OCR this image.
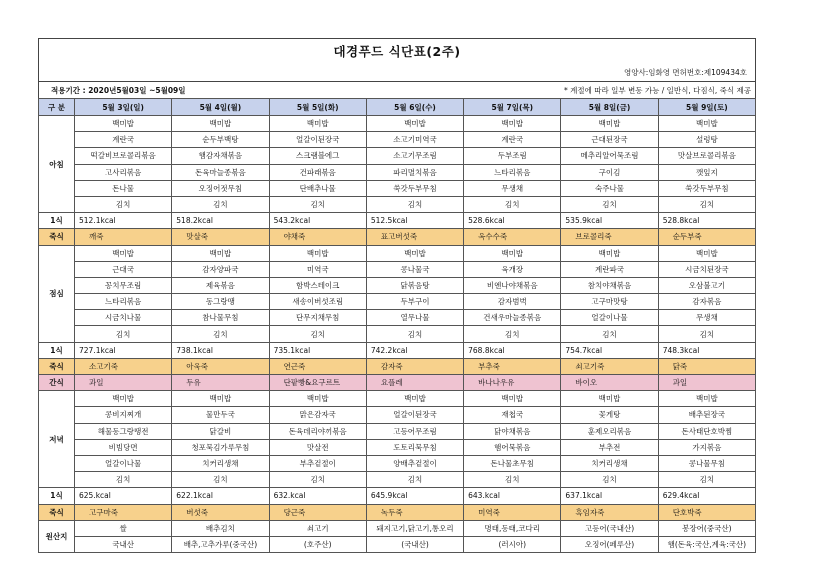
대경푸드 식단표(2주)
영양사:임화영 면허번호:제109434호
적용기간 : 2020년5월03일 ~5월09일	* 계절에 따라 일부 변동 가능 / 일반식, 다짐식, 죽식 제공
구 분	5월 3일(일)	5월 4일(월)	5월 5일(화)	5월 6일(수)	5월 7일(목)	5월 8일(금)	5월 9일(토)
아침	백미밥	백미밥	백미밥	백미밥	백미밥	백미밥	백미밥
	계란국	순두부백탕	얼갈이된장국	소고기미역국	계란국	근대된장국	설렁탕
	떡갈비브로콜리볶음	햄감자채볶음	스크램블에그	소고기무조림	두부조림	메추리알어묵조림	맛살브로콜리볶음
	고사리볶음	돈육마늘종볶음	건파래볶음	파리멸치볶음	느타리볶음	구이김	깻잎지
	돈나물	오징어젓무침	단배추나물	쑥갓두부무침	무생채	숙주나물	쑥갓두부무침
	김치	김치	김치	김치	김치	김치	김치
1식	512.1kcal	518.2kcal	543.2kcal	512.5kcal	528.6kcal	535.9kcal	528.8kcal
죽식	깨죽	맛살죽	야채죽	표고버섯죽	옥수수죽	브로콜리죽	순두부죽
점심	백미밥	백미밥	백미밥	백미밥	백미밥	백미밥	백미밥
	근대국	감자양파국	미역국	콩나물국	육개장	계란파국	시금치된장국
	꽁치무조림	제육볶음	함박스테이크	닭볶음탕	비엔나야채볶음	참치야채볶음	오삼불고기
	느타리볶음	동그랑땡	새송이버섯조림	두부구이	감자범벅	고구마맛탕	감자볶음
	시금치나물	참나물무침	단무지채무침	열무나물	건새우마늘종볶음	얼갈이나물	무생채
	김치	김치	김치	김치	김치	김치	김치
1식	727.1kcal	738.1kcal	735.1kcal	742.2kcal	768.8kcal	754.7kcal	748.3kcal
죽식	소고기죽	아욱죽	연근죽	감자죽	부추죽	쇠고기죽	닭죽
간식	과일	두유	단팥빵&요구르트	요플레	바나나우유	바이오	과일
저녁	백미밥	백미밥	백미밥	백미밥	백미밥	백미밥	백미밥
	콩비지찌개	물만두국	맑은감자국	얼갈이된장국	재첩국	꽃게탕	배추된장국
	해물동그랑땡전	닭갈비	돈육데리야끼볶음	고등어무조림	닭야채볶음	훈제오리볶음	돈사태단호박찜
	비빔당면	청포묵김가루무침	맛살전	도토리묵무침	햄어묵볶음	부추전	가지볶음
	얼갈이나물	치커리생채	부추겉절이	양배추겉절이	돈나물초무침	치커리생채	콩나물무침
	김치	김치	김치	김치	김치	김치	김치
1식	625.kcal	622.1kcal	632.kcal	645.9kcal	643.kcal	637.1kcal	629.4kcal
죽식	고구마죽	버섯죽	당근죽	녹두죽	미역죽	흑임자죽	단호박죽
원산지	쌀	배추김치	쇠고기	돼지고기,닭고기,통오리	명태,동태,코다리	고등어(국내산)	봉장어(중국산)
	국내산	배추,고추가루(중국산)	(호주산)	(국내산)	(러시아)	오징어(페루산)	햄(돈육:국산,계육:국산)
